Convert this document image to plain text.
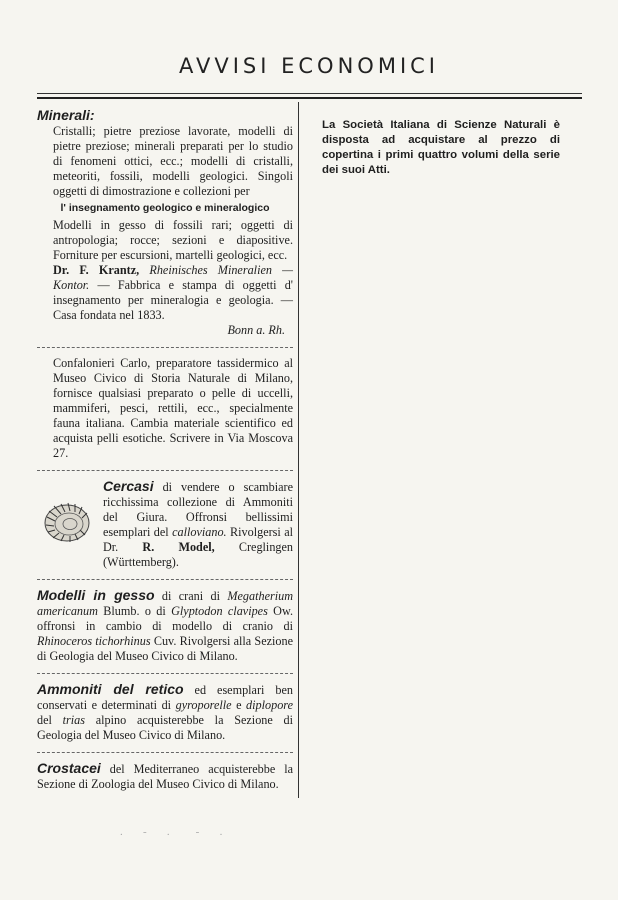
AVVISI ECONOMICI
Minerali:
Cristalli; pietre preziose lavorate, modelli di pietre preziose; minerali preparati per lo studio di fenomeni ottici, ecc.; modelli di cristalli, meteoriti, fossili, modelli geologici. Singoli oggetti di dimostrazione e collezioni per
l' insegnamento geologico e mineralogico
Modelli in gesso di fossili rari; oggetti di antropologia; rocce; sezioni e diapositive. Forniture per escursioni, martelli geologici, ecc.
Dr. F. Krantz, Rheinisches Mineralien — Kontor. — Fabbrica e stampa di oggetti d' insegnamento per mineralogia e geologia. — Casa fondata nel 1833.
Bonn a. Rh.
Confalonieri Carlo, preparatore tassidermico al Museo Civico di Storia Naturale di Milano, fornisce qualsiasi preparato o pelle di uccelli, mammiferi, pesci, rettili, ecc., specialmente fauna italiana. Cambia materiale scientifico ed acquista pelli esotiche. Scrivere in Via Moscova 27.
Cercasi di vendere o scambiare ricchissima collezione di Ammoniti del Giura. Offronsi bellissimi esemplari del calloviano. Rivolgersi al Dr. R. Model, Creglingen (Württemberg).
Modelli in gesso di crani di Megatherium americanum Blumb. o di Glyptodon clavipes Ow. offronsi in cambio di modello di cranio di Rhinoceros tichorhinus Cuv. Rivolgersi alla Sezione di Geologia del Museo Civico di Milano.
Ammoniti del retico ed esemplari ben conservati e determinati di gyroporelle e diplopore del trias alpino acquisterebbe la Sezione di Geologia del Museo Civico di Milano.
Crostacei del Mediterraneo acquisterebbe la Sezione di Zoologia del Museo Civico di Milano.
La Società Italiana di Scienze Naturali è disposta ad acquistare al prezzo di copertina i primi quattro volumi della serie dei suoi Atti.
.   -   .    -   .
